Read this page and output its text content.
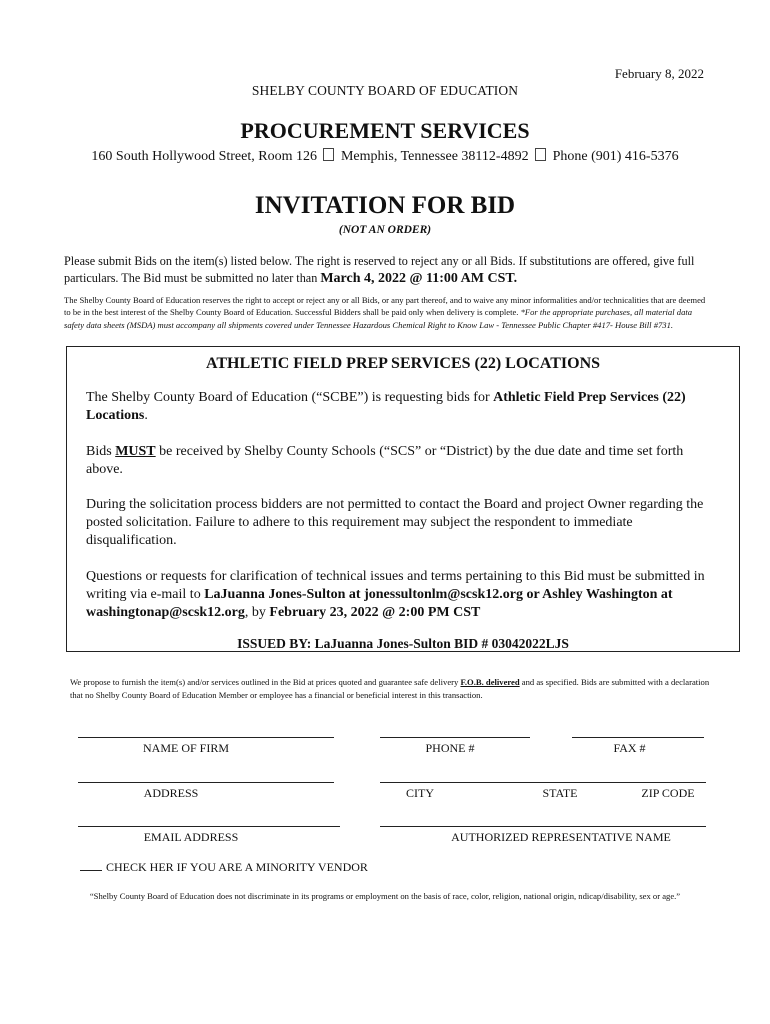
February 8, 2022
SHELBY COUNTY BOARD OF EDUCATION
PROCUREMENT SERVICES
160 South Hollywood Street, Room 126 Memphis, Tennessee 38112-4892 Phone (901) 416-5376
INVITATION FOR BID
(NOT AN ORDER)
Please submit Bids on the item(s) listed below. The right is reserved to reject any or all Bids. If substitutions are offered, give full particulars. The Bid must be submitted no later than March 4, 2022 @ 11:00 AM CST.
The Shelby County Board of Education reserves the right to accept or reject any or all Bids, or any part thereof, and to waive any minor informalities and/or technicalities that are deemed to be in the best interest of the Shelby County Board of Education. Successful Bidders shall be paid only when delivery is complete. *For the appropriate purchases, all material data safety data sheets (MSDA) must accompany all shipments covered under Tennessee Hazardous Chemical Right to Know Law - Tennessee Public Chapter #417- House Bill #731.
ATHLETIC FIELD PREP SERVICES (22) LOCATIONS
The Shelby County Board of Education (“SCBE”) is requesting bids for Athletic Field Prep Services (22) Locations.
Bids MUST be received by Shelby County Schools (“SCS” or “District) by the due date and time set forth above.
During the solicitation process bidders are not permitted to contact the Board and project Owner regarding the posted solicitation. Failure to adhere to this requirement may subject the respondent to immediate disqualification.
Questions or requests for clarification of technical issues and terms pertaining to this Bid must be submitted in writing via e-mail to LaJuanna Jones-Sulton at jonessultonlm@scsk12.org or Ashley Washington at washingtonap@scsk12.org, by February 23, 2022 @ 2:00 PM CST
ISSUED BY: LaJuanna Jones-Sulton BID # 03042022LJS
We propose to furnish the item(s) and/or services outlined in the Bid at prices quoted and guarantee safe delivery F.O.B. delivered and as specified. Bids are submitted with a declaration that no Shelby County Board of Education Member or employee has a financial or beneficial interest in this transaction.
NAME OF FIRM	PHONE #	FAX #
ADDRESS	CITY	STATE	ZIP CODE
EMAIL ADDRESS	AUTHORIZED REPRESENTATIVE NAME
CHECK HER IF YOU ARE A MINORITY VENDOR
“Shelby County Board of Education does not discriminate in its programs or employment on the basis of race, color, religion, national origin, ndicap/disability, sex or age.”
